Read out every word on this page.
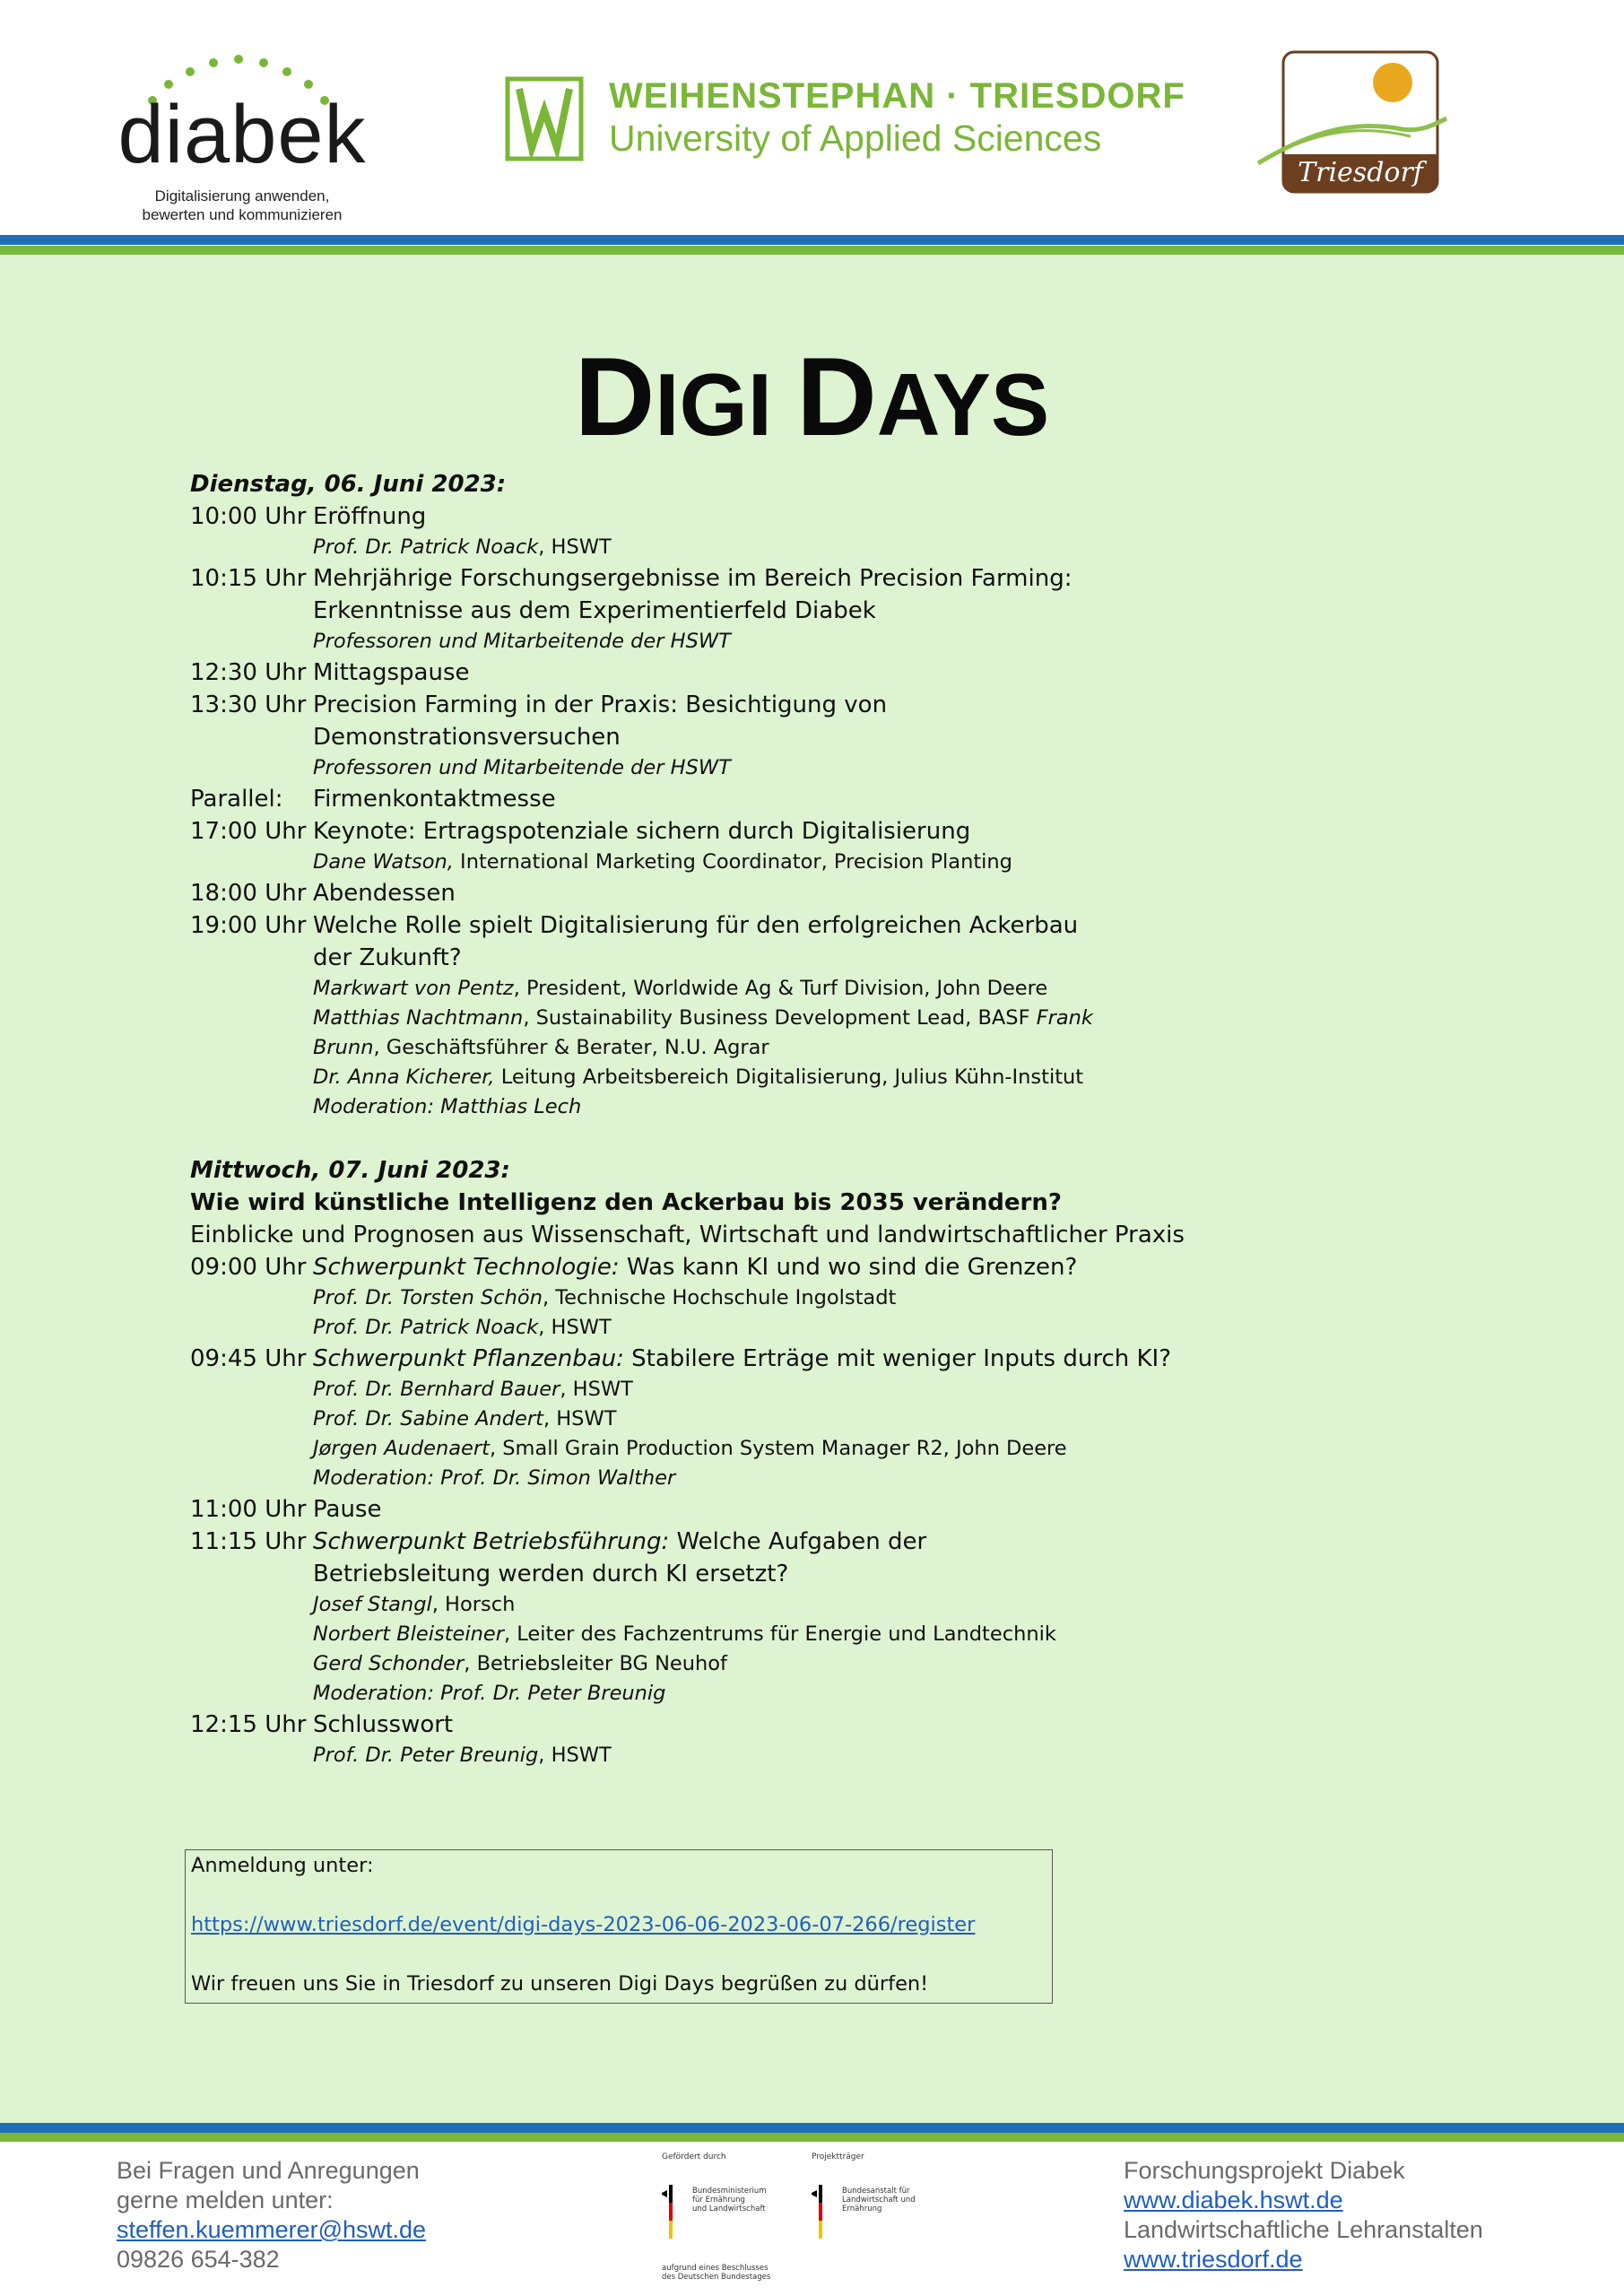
diabek
Digitalisierung anwenden,
bewerten und kommunizieren
WEIHENSTEPHAN · TRIESDORF
University of Applied Sciences
Triesdorf
DIGI DAYS
Dienstag, 06. Juni 2023:
10:00 Uhr Eröffnung
Prof. Dr. Patrick Noack, HSWT
10:15 Uhr Mehrjährige Forschungsergebnisse im Bereich Precision Farming:
Erkenntnisse aus dem Experimentierfeld Diabek
Professoren und Mitarbeitende der HSWT
12:30 Uhr Mittagspause
13:30 Uhr Precision Farming in der Praxis: Besichtigung von
Demonstrationsversuchen
Professoren und Mitarbeitende der HSWT
Parallel: Firmenkontaktmesse
17:00 Uhr Keynote: Ertragspotenziale sichern durch Digitalisierung
Dane Watson, International Marketing Coordinator, Precision Planting
18:00 Uhr Abendessen
19:00 Uhr Welche Rolle spielt Digitalisierung für den erfolgreichen Ackerbau
der Zukunft?
Markwart von Pentz, President, Worldwide Ag & Turf Division, John Deere
Matthias Nachtmann, Sustainability Business Development Lead, BASF Frank
Brunn, Geschäftsführer & Berater, N.U. Agrar
Dr. Anna Kicherer, Leitung Arbeitsbereich Digitalisierung, Julius Kühn-Institut
Moderation: Matthias Lech
Mittwoch, 07. Juni 2023:
Wie wird künstliche Intelligenz den Ackerbau bis 2035 verändern?
Einblicke und Prognosen aus Wissenschaft, Wirtschaft und landwirtschaftlicher Praxis
09:00 Uhr Schwerpunkt Technologie: Was kann KI und wo sind die Grenzen?
Prof. Dr. Torsten Schön, Technische Hochschule Ingolstadt
Prof. Dr. Patrick Noack, HSWT
09:45 Uhr Schwerpunkt Pflanzenbau: Stabilere Erträge mit weniger Inputs durch KI?
Prof. Dr. Bernhard Bauer, HSWT
Prof. Dr. Sabine Andert, HSWT
Jørgen Audenaert, Small Grain Production System Manager R2, John Deere
Moderation: Prof. Dr. Simon Walther
11:00 Uhr Pause
11:15 Uhr Schwerpunkt Betriebsführung: Welche Aufgaben der
Betriebsleitung werden durch KI ersetzt?
Josef Stangl, Horsch
Norbert Bleisteiner, Leiter des Fachzentrums für Energie und Landtechnik
Gerd Schonder, Betriebsleiter BG Neuhof
Moderation: Prof. Dr. Peter Breunig
12:15 Uhr Schlusswort
Prof. Dr. Peter Breunig, HSWT
Anmeldung unter:
https://www.triesdorf.de/event/digi-days-2023-06-06-2023-06-07-266/register
Wir freuen uns Sie in Triesdorf zu unseren Digi Days begrüßen zu dürfen!
Bei Fragen und Anregungen
gerne melden unter:
steffen.kuemmerer@hswt.de
09826 654-382
Gefördert durch
Bundesministerium
für Ernährung
und Landwirtschaft
aufgrund eines Beschlusses
des Deutschen Bundestages
Projektträger
Bundesanstalt für
Landwirtschaft und Ernährung
Forschungsprojekt Diabek
www.diabek.hswt.de
Landwirtschaftliche Lehranstalten
www.triesdorf.de
